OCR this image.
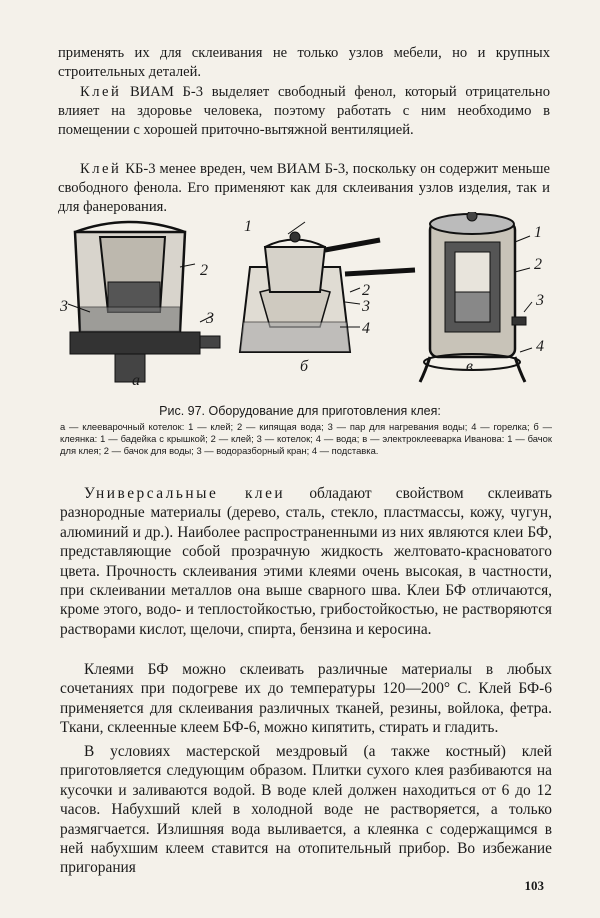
применять их для склеивания не только узлов мебели, но и крупных строительных деталей.

Клей ВИАМ Б-3 выделяет свободный фенол, который отрицательно влияет на здоровье человека, поэтому работать с ним необходимо в помещении с хорошей приточно-вытяжной вентиляцией.

Клей КБ-3 менее вреден, чем ВИАМ Б-3, поскольку он содержит меньше свободного фенола. Его применяют как для склеивания узлов изделия, так и для фанерования.

3
2
3
а
1
2
3
4
б
1
2
3
4
в
Рис. 97. Оборудование для приготовления клея:
а — клееварочный котелок: 1 — клей; 2 — кипящая вода; 3 — пар для нагревания воды; 4 — горелка; б — клеянка: 1 — бадейка с крышкой; 2 — клей; 3 — котелок; 4 — вода; в — электроклееварка Иванова: 1 — бачок для клея; 2 — бачок для воды; 3 — водоразборный кран; 4 — подставка.

Универсальные клеи обладают свойством склеивать разнородные материалы (дерево, сталь, стекло, пластмассы, кожу, чугун, алюминий и др.). Наиболее распространенными из них являются клеи БФ, представляющие собой прозрачную жидкость желтовато-красноватого цвета. Прочность склеивания этими клеями очень высокая, в частности, при склеивании металлов она выше сварного шва. Клеи БФ отличаются, кроме этого, водо- и теплостойкостью, грибостойкостью, не растворяются растворами кислот, щелочи, спирта, бензина и керосина.

Клеями БФ можно склеивать различные материалы в любых сочетаниях при подогреве их до температуры 120—200° С. Клей БФ-6 применяется для склеивания различных тканей, резины, войлока, фетра. Ткани, склеенные клеем БФ-6, можно кипятить, стирать и гладить.

В условиях мастерской мездровый (а также костный) клей приготовляется следующим образом. Плитки сухого клея разбиваются на кусочки и заливаются водой. В воде клей должен находиться от 6 до 12 часов. Набухший клей в холодной воде не растворяется, а только размягчается. Излишняя вода выливается, а клеянка с содержащимся в ней набухшим клеем ставится на отопительный прибор. Во избежание пригорания

103
